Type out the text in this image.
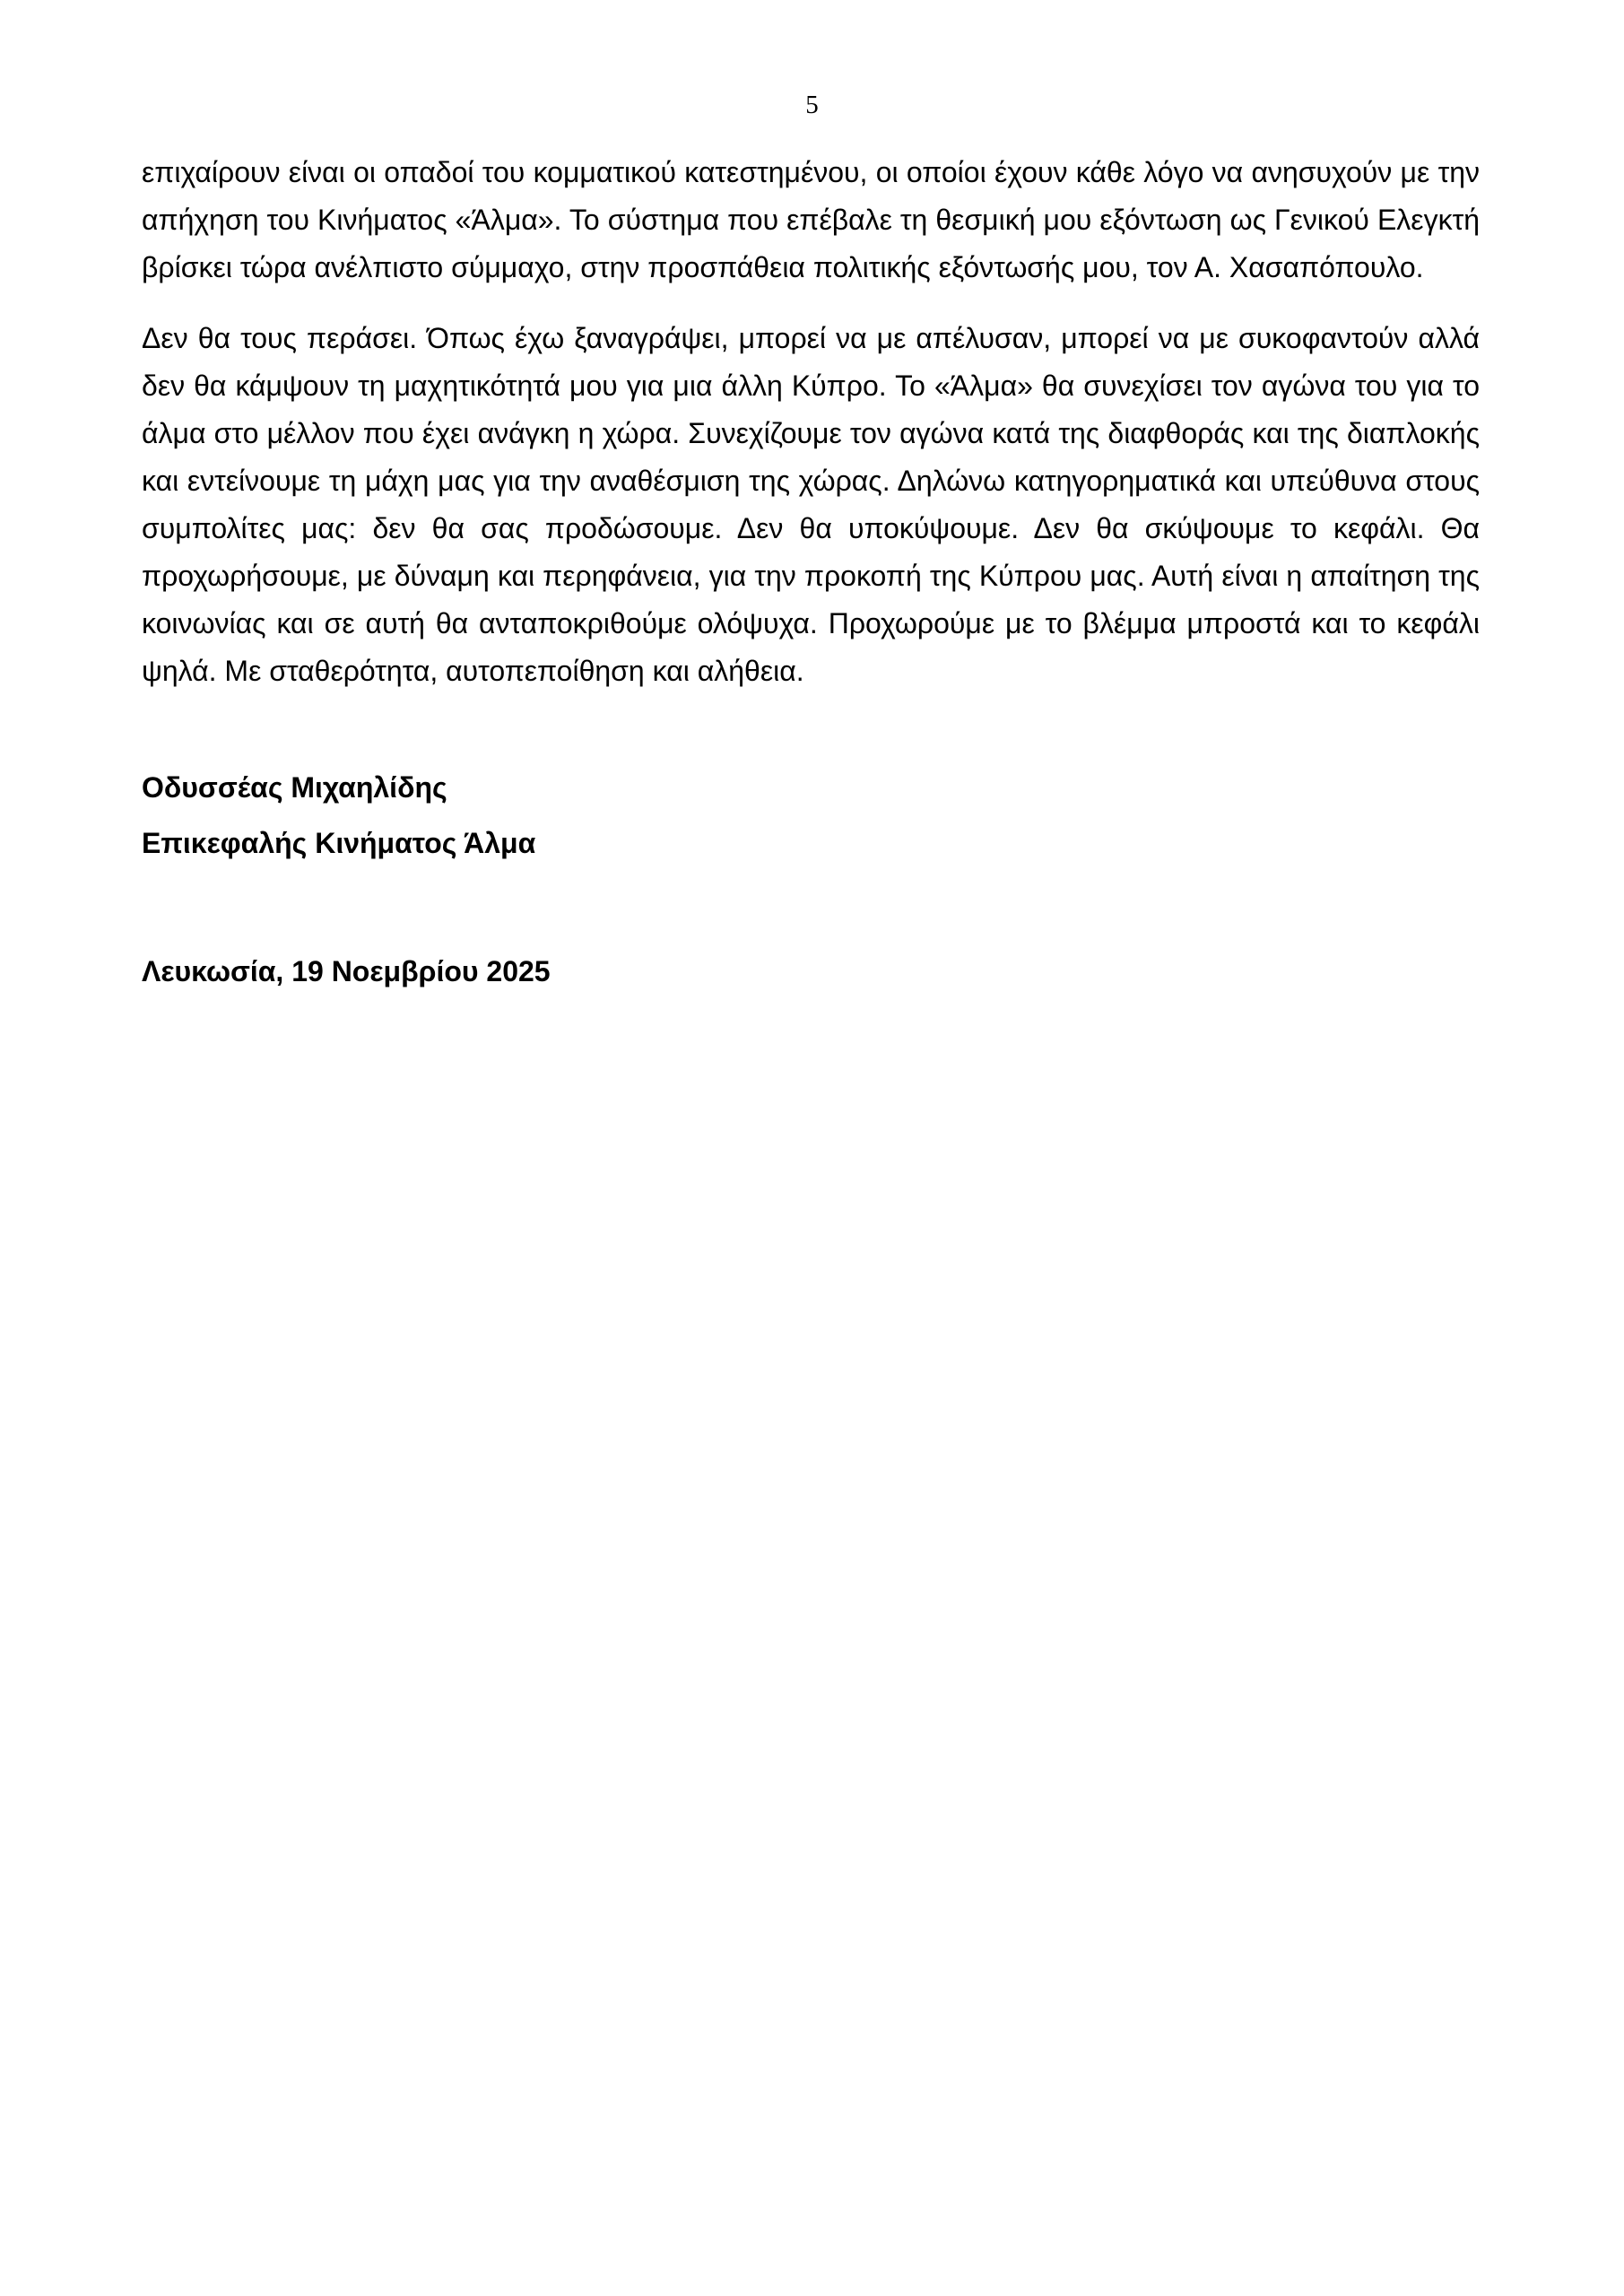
5

επιχαίρουν είναι οι οπαδοί του κομματικού κατεστημένου, οι οποίοι έχουν κάθε λόγο να ανησυχούν με την απήχηση του Κινήματος «Άλμα». Το σύστημα που επέβαλε τη θεσμική μου εξόντωση ως Γενικού Ελεγκτή βρίσκει τώρα ανέλπιστο σύμμαχο, στην προσπάθεια πολιτικής εξόντωσής μου, τον Α. Χασαπόπουλο.

Δεν θα τους περάσει. Όπως έχω ξαναγράψει, μπορεί να με απέλυσαν, μπορεί να με συκοφαντούν αλλά δεν θα κάμψουν τη μαχητικότητά μου για μια άλλη Κύπρο. Το «Άλμα» θα συνεχίσει τον αγώνα του για το άλμα στο μέλλον που έχει ανάγκη η χώρα. Συνεχίζουμε τον αγώνα κατά της διαφθοράς και της διαπλοκής και εντείνουμε τη μάχη μας για την αναθέσμιση της χώρας. Δηλώνω κατηγορηματικά και υπεύθυνα στους συμπολίτες μας: δεν θα σας προδώσουμε. Δεν θα υποκύψουμε. Δεν θα σκύψουμε το κεφάλι. Θα προχωρήσουμε, με δύναμη και περηφάνεια, για την προκοπή της Κύπρου μας. Αυτή είναι η απαίτηση της κοινωνίας και σε αυτή θα ανταποκριθούμε ολόψυχα. Προχωρούμε με το βλέμμα μπροστά και το κεφάλι ψηλά. Με σταθερότητα, αυτοπεποίθηση και αλήθεια.

Οδυσσέας Μιχαηλίδης

Επικεφαλής Κινήματος Άλμα

Λευκωσία, 19 Νοεμβρίου 2025
